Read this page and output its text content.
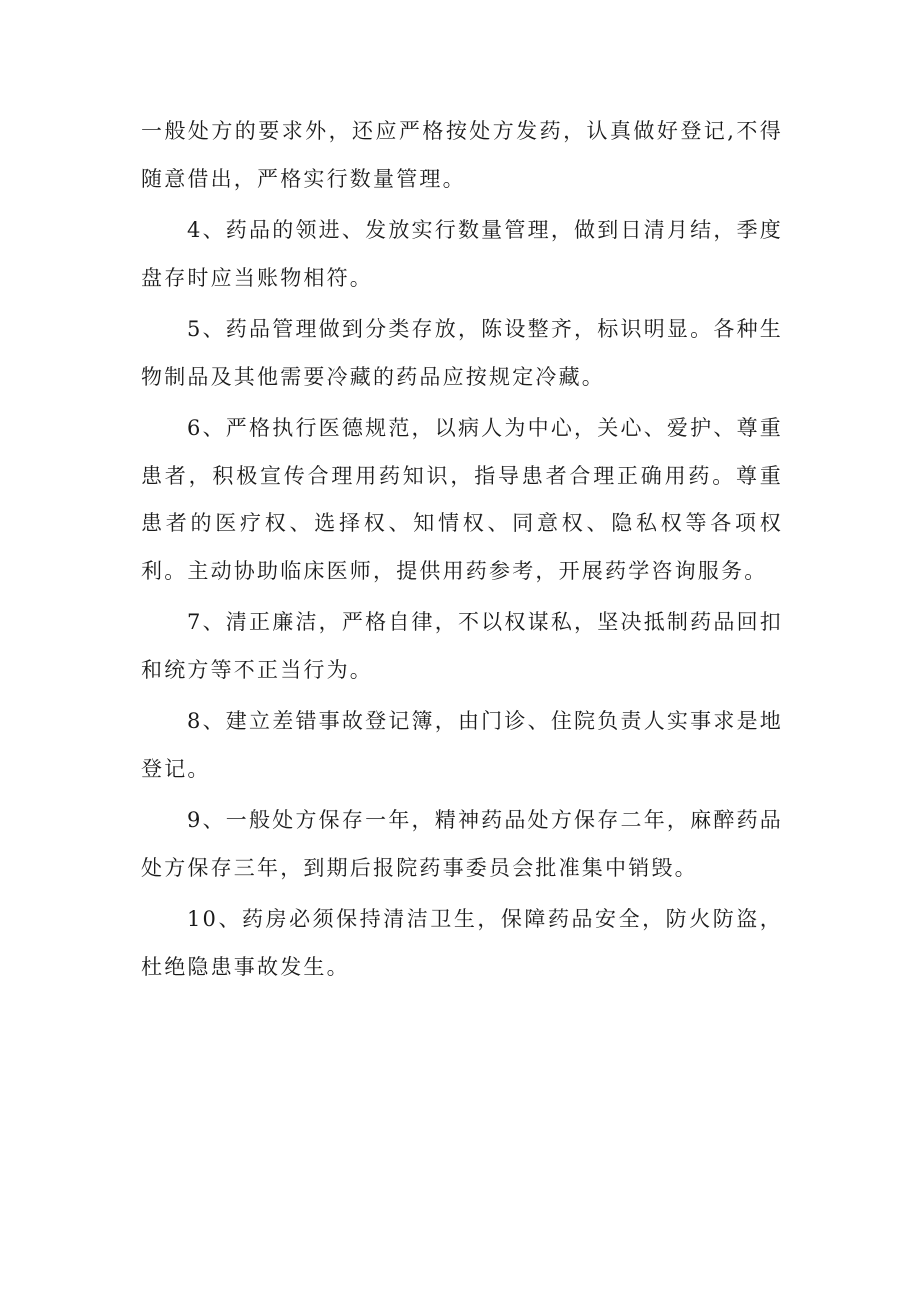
一般处方的要求外，还应严格按处方发药，认真做好登记,不得随意借出，严格实行数量管理。

4、药品的领进、发放实行数量管理，做到日清月结，季度盘存时应当账物相符。

5、药品管理做到分类存放，陈设整齐，标识明显。各种生物制品及其他需要冷藏的药品应按规定冷藏。

6、严格执行医德规范，以病人为中心，关心、爱护、尊重患者，积极宣传合理用药知识，指导患者合理正确用药。尊重患者的医疗权、选择权、知情权、同意权、隐私权等各项权利。主动协助临床医师，提供用药参考，开展药学咨询服务。

7、清正廉洁，严格自律，不以权谋私，坚决抵制药品回扣和统方等不正当行为。

8、建立差错事故登记簿，由门诊、住院负责人实事求是地登记。

9、一般处方保存一年，精神药品处方保存二年，麻醉药品处方保存三年，到期后报院药事委员会批准集中销毁。

10、药房必须保持清洁卫生，保障药品安全，防火防盗，杜绝隐患事故发生。
